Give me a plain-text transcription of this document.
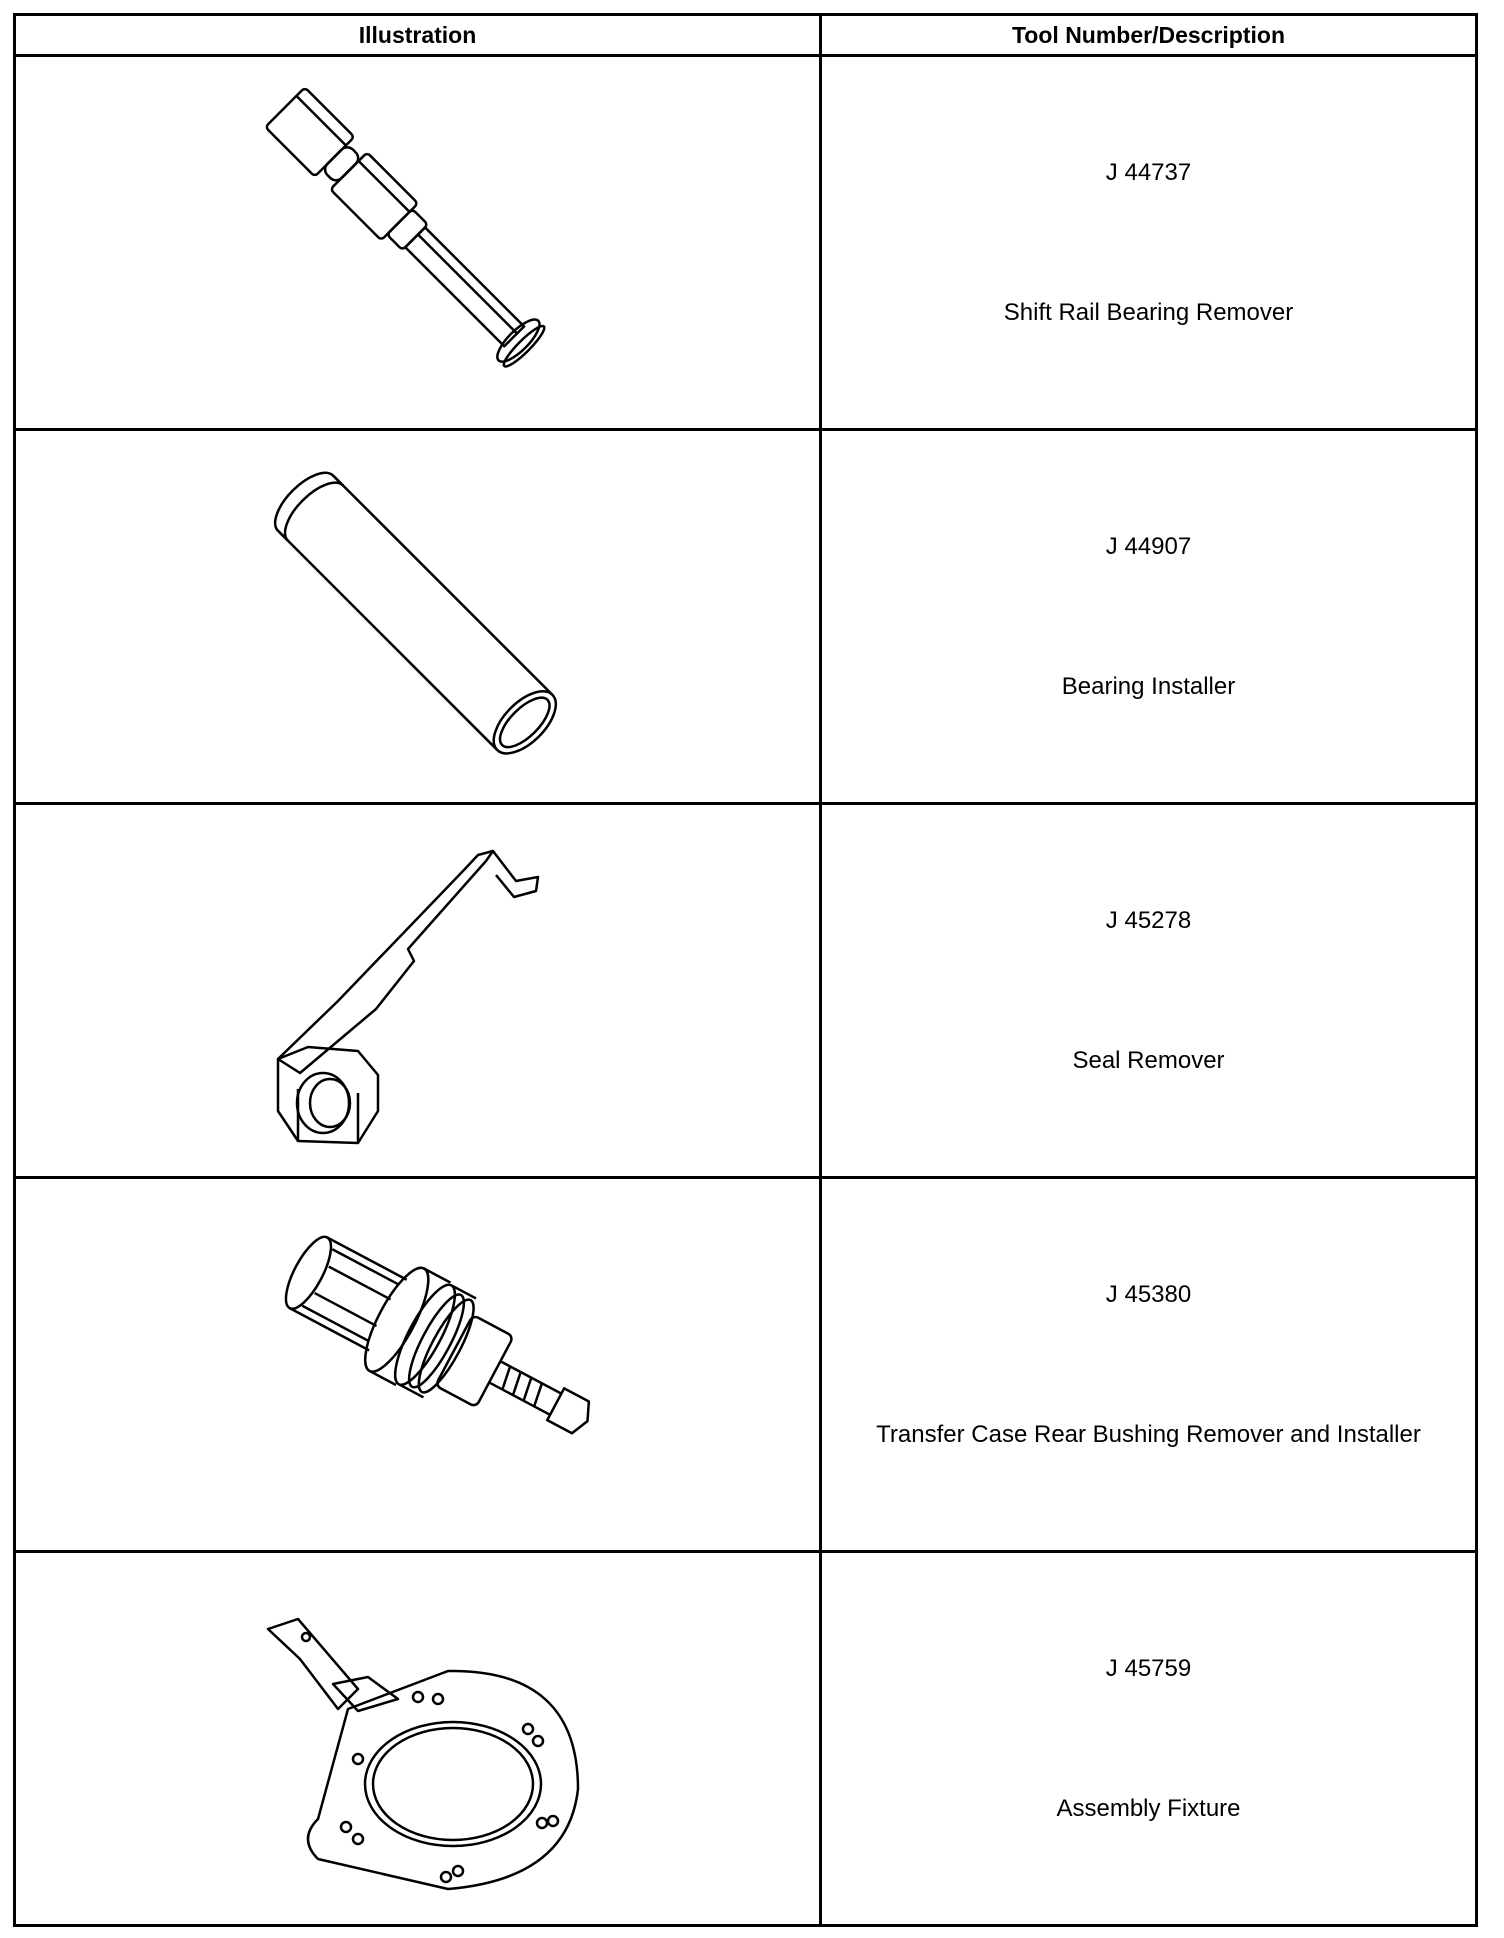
Illustration	Tool Number/Description

J 44737
Shift Rail Bearing Remover

J 44907
Bearing Installer

J 45278
Seal Remover

J 45380
Transfer Case Rear Bushing Remover and Installer

J 45759
Assembly Fixture
